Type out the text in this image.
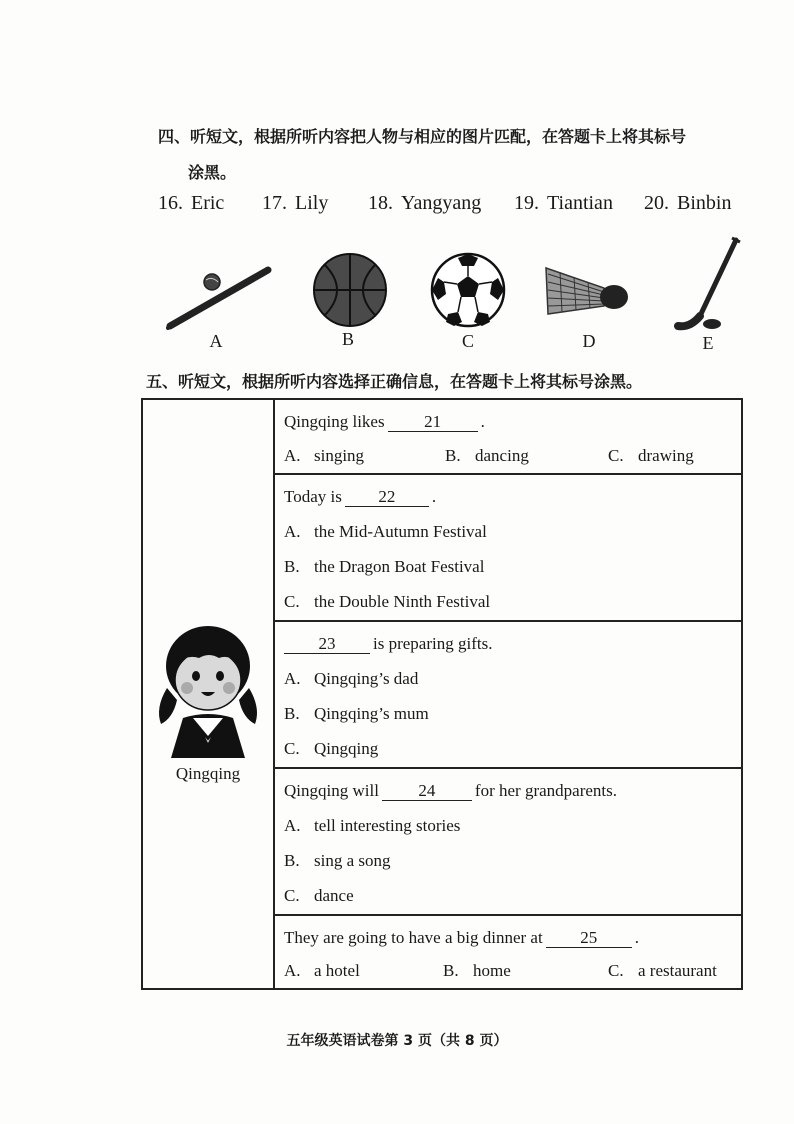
四、听短文，根据所听内容把人物与相应的图片匹配，在答题卡上将其标号
涂黑。
16. Eric 17. Lily 18. Yangyang 19. Tiantian 20. Binbin
A	B	C	D	E
五、听短文，根据所听内容选择正确信息，在答题卡上将其标号涂黑。
Qingqing
Qingqing likes 21 .
A. singing	B. dancing	C. drawing
Today is 22 .
A. the Mid-Autumn Festival
B. the Dragon Boat Festival
C. the Double Ninth Festival
23 is preparing gifts.
A. Qingqing’s dad
B. Qingqing’s mum
C. Qingqing
Qingqing will 24 for her grandparents.
A. tell interesting stories
B. sing a song
C. dance
They are going to have a big dinner at 25 .
A. a hotel	B. home	C. a restaurant
五年级英语试卷第 3 页（共 8 页）
